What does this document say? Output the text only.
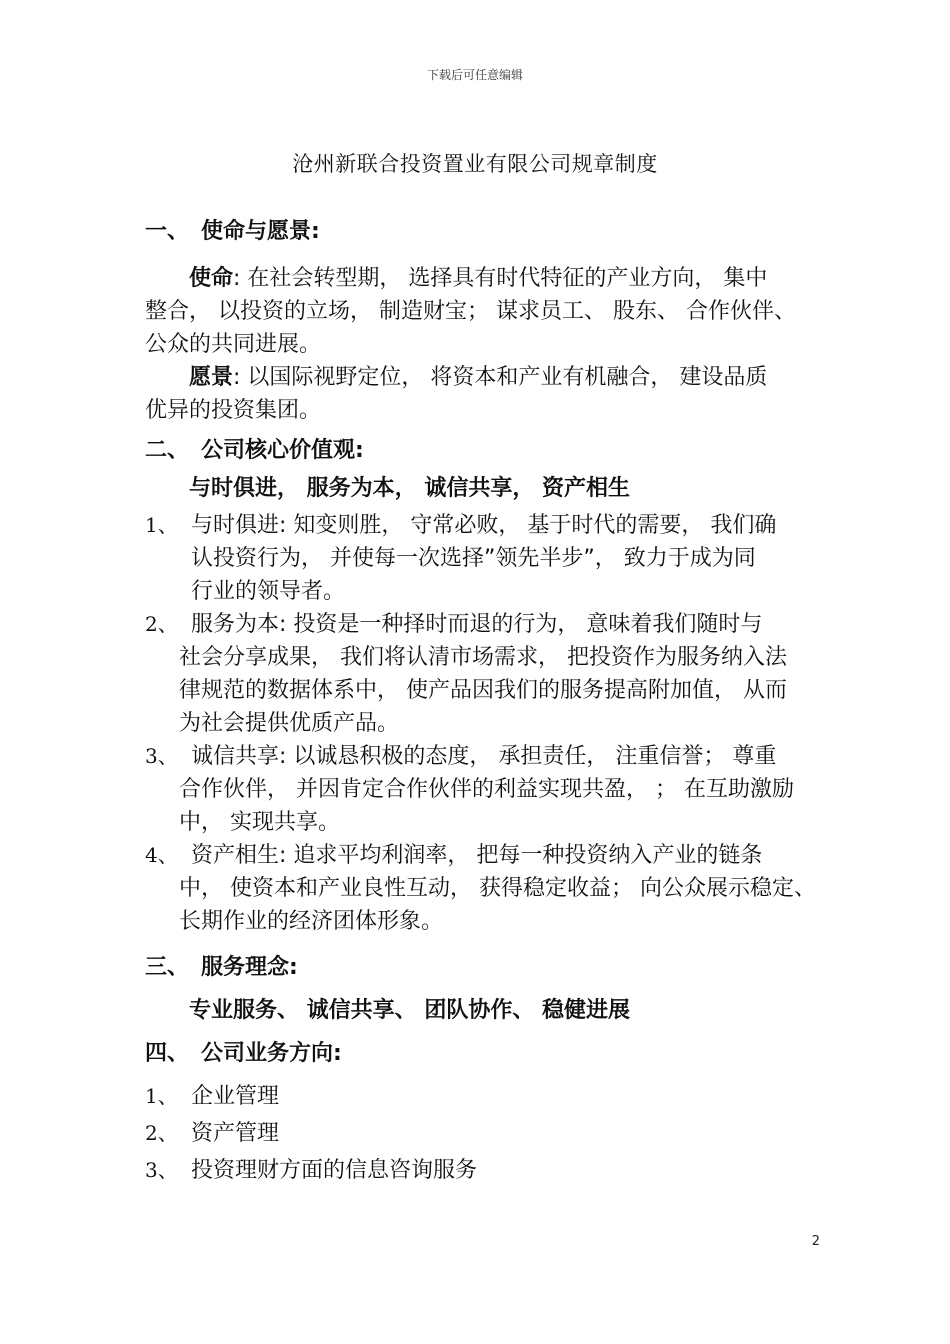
下载后可任意编辑
沧州新联合投资置业有限公司规章制度
一、 使命与愿景:
使命: 在社会转型期， 选择具有时代特征的产业方向， 集中
整合， 以投资的立场， 制造财宝； 谋求员工、 股东、 合作伙伴、
公众的共同进展。
愿景: 以国际视野定位， 将资本和产业有机融合， 建设品质
优异的投资集团。
二、 公司核心价值观:
与时俱进， 服务为本， 诚信共享， 资产相生
1、 与时俱进: 知变则胜， 守常必败， 基于时代的需要， 我们确
认投资行为， 并使每一次选择”领先半步”， 致力于成为同
行业的领导者。
2、 服务为本: 投资是一种择时而退的行为， 意味着我们随时与
社会分享成果， 我们将认清市场需求， 把投资作为服务纳入法
律规范的数据体系中， 使产品因我们的服务提高附加值， 从而
为社会提供优质产品。
3、 诚信共享: 以诚恳积极的态度， 承担责任， 注重信誉； 尊重
合作伙伴， 并因肯定合作伙伴的利益实现共盈， ； 在互助激励
中， 实现共享。
4、 资产相生: 追求平均利润率， 把每一种投资纳入产业的链条
中， 使资本和产业良性互动， 获得稳定收益； 向公众展示稳定、
长期作业的经济团体形象。
三、 服务理念:
专业服务、 诚信共享、 团队协作、 稳健进展
四、 公司业务方向:
1、 企业管理
2、 资产管理
3、 投资理财方面的信息咨询服务
2
